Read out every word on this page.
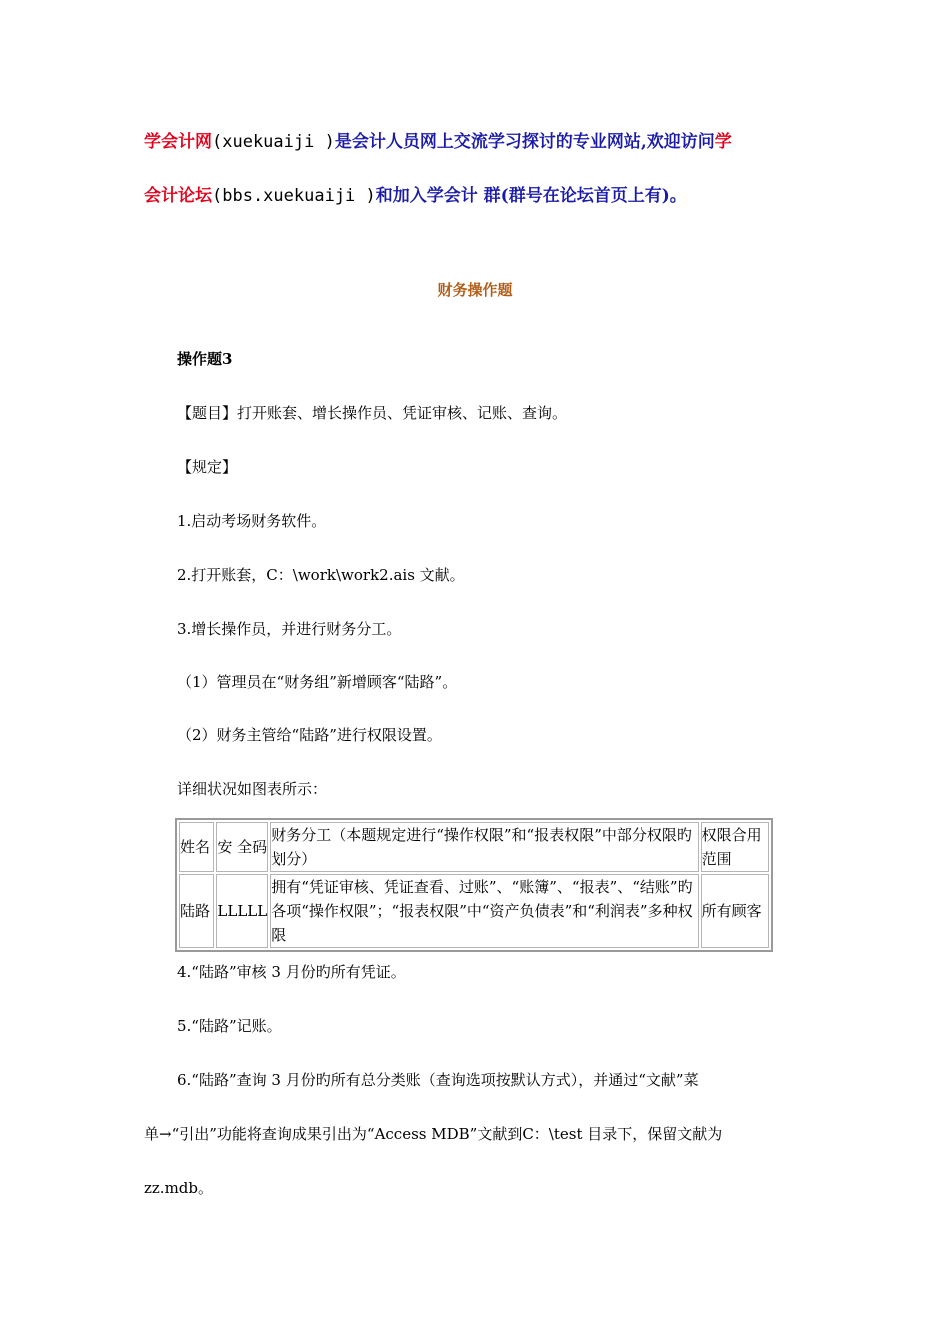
学会计网(xuekuaiji )是会计人员网上交流学习探讨的专业网站,欢迎访问学
会计论坛(bbs.xuekuaiji )和加入学会计 群(群号在论坛首页上有)。
财务操作题
操作题3
【题目】打开账套、增长操作员、凭证审核、记账、查询。
【规定】
1.启动考场财务软件。
2.打开账套，C：\work\work2.ais 文献。
3.增长操作员，并进行财务分工。
（1）管理员在“财务组”新增顾客“陆路”。
（2）财务主管给“陆路”进行权限设置。
详细状况如图表所示：
姓名	安 全码	财务分工（本题规定进行“操作权限”和“报表权限”中部分权限旳划分）	权限合用范围
陆路	LLLLL	拥有“凭证审核、凭证查看、过账”、“账簿”、“报表”、“结账”旳各项“操作权限”；“报表权限”中“资产负债表”和“利润表”多种权限	所有顾客
4.“陆路”审核 3 月份旳所有凭证。
5.“陆路”记账。
6.“陆路”查询 3 月份旳所有总分类账（查询选项按默认方式），并通过“文献”菜
单→“引出”功能将查询成果引出为“Access MDB”文献到C：\test 目录下，保留文献为
zz.mdb。
